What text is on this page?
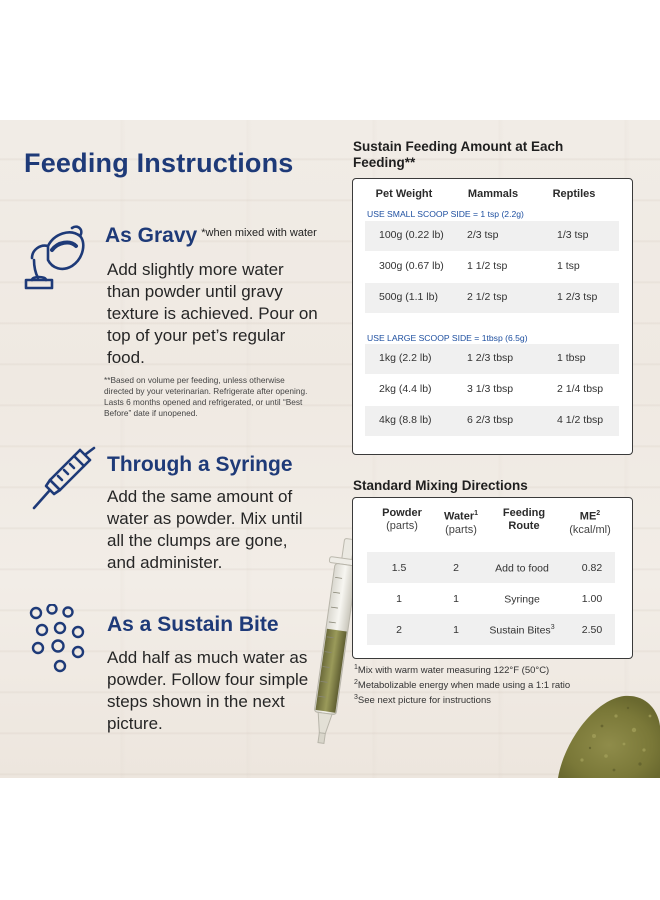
Feeding Instructions
As Gravy $^{*when mixed with water}$

Add slightly more water than powder until gravy texture is achieved. Pour on top of your pet’s regular food.

**Based on volume per feeding, unless otherwise directed by your veterinarian. Refrigerate after opening. Lasts 6 months opened and refrigerated, or until “Best Before” date if unopened.

Through a Syringe

Add the same amount of water as powder. Mix until all the clumps are gone, and administer.

As a Sustain Bite

Add half as much water as powder. Follow four simple steps shown in the next picture.

Sustain Feeding Amount at Each Feeding**
Pet Weight	Mammals	Reptiles
USE SMALL SCOOP SIDE = 1 tsp (2.2g)
100g (0.22 lb) 2/3 tsp	1/3 tsp
300g (0.67 lb) 1 1/2 tsp	1 tsp
500g (1.1 lb)	2 1/2 tsp	1 2/3 tsp
USE LARGE SCOOP SIDE = 1tbsp (6.5g)
1kg (2.2 lb)	1 2/3 tbsp	1 tbsp
2kg (4.4 lb)	3 1/3 tbsp	2 1/4 tbsp
4kg (8.8 lb)	6 2/3 tbsp	4 1/2 tbsp
Standard Mixing Directions
Powder
(parts)
Water$^1$
(parts)
Feeding
Route
$ME^2$
(kcal/ml)
1.5	2	Add to food	0.82
1	1	Syringe	1.00
2	1	Sustain Bites$^3$	2.50
$^1$Mix with warm water measuring 122°F (50°C)
$^2$Metabolizable energy when made using a 1:1 ratio
$^3$See next picture for instructions
